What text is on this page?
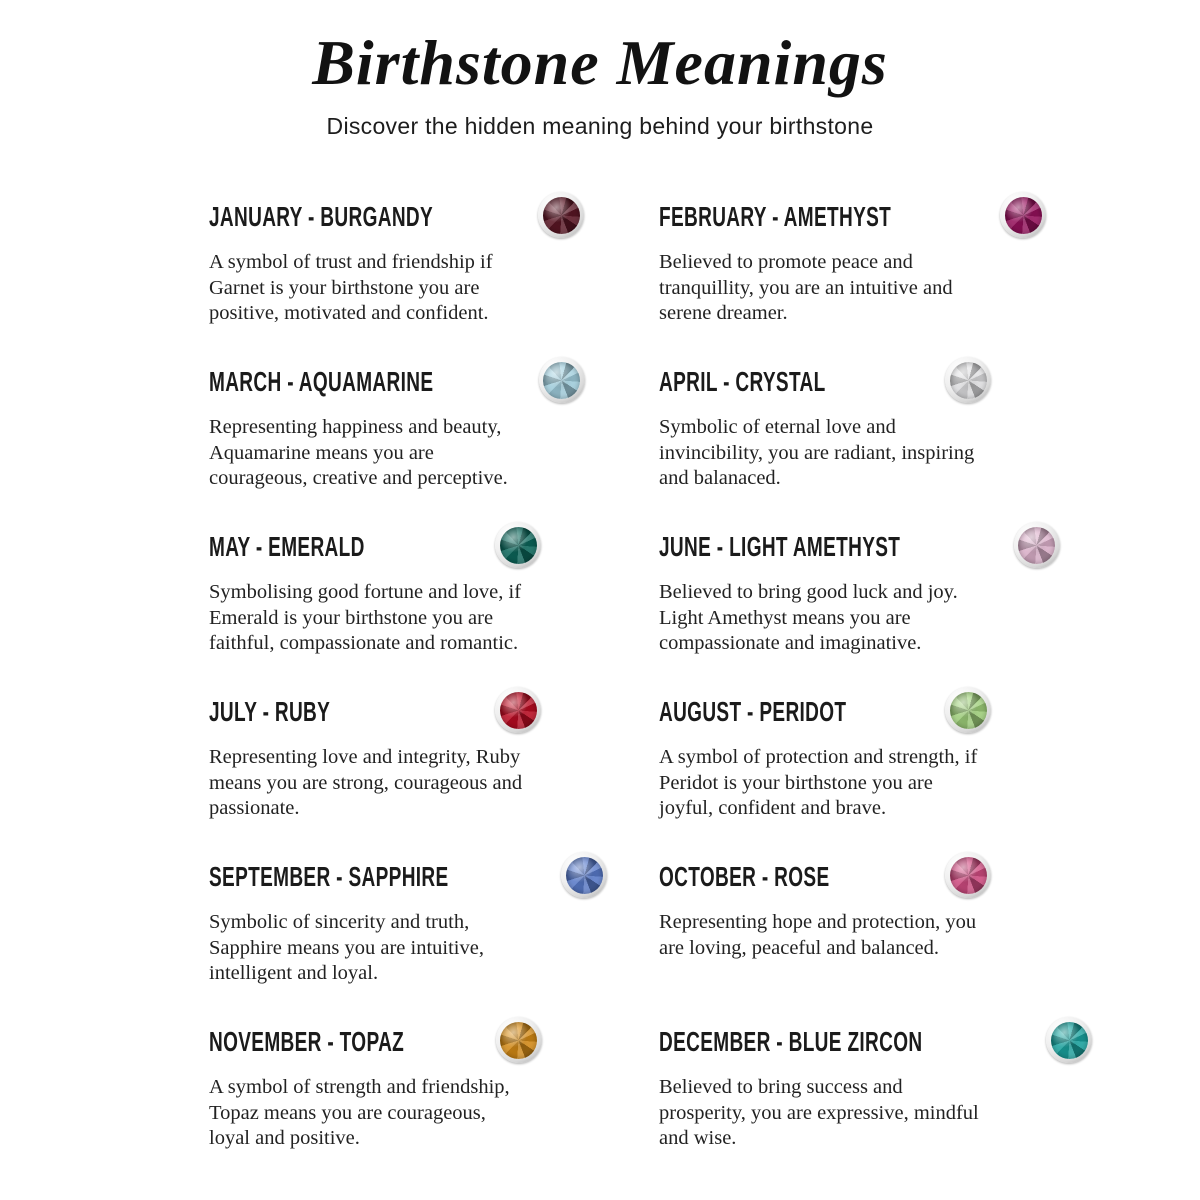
Birthstone Meanings
Discover the hidden meaning behind your birthstone
JANUARY - BURGANDY

A symbol of trust and friendship if Garnet is your birthstone you are positive, motivated and confident.

FEBRUARY - AMETHYST

Believed to promote peace and tranquillity, you are an intuitive and serene dreamer.

MARCH - AQUAMARINE

Representing happiness and beauty, Aquamarine means you are courageous, creative and perceptive.

APRIL - CRYSTAL

Symbolic of eternal love and invincibility, you are radiant, inspiring and balanaced.

MAY - EMERALD

Symbolising good fortune and love, if Emerald is your birthstone you are faithful, compassionate and romantic.

JUNE - LIGHT AMETHYST

Believed to bring good luck and joy. Light Amethyst means you are compassionate and imaginative.

JULY - RUBY

Representing love and integrity, Ruby means you are strong, courageous and passionate.

AUGUST - PERIDOT

A symbol of protection and strength, if Peridot is your birthstone you are joyful, confident and brave.

SEPTEMBER - SAPPHIRE

Symbolic of sincerity and truth, Sapphire means you are intuitive, intelligent and loyal.

OCTOBER - ROSE

Representing hope and protection, you are loving, peaceful and balanced.

NOVEMBER - TOPAZ

A symbol of strength and friendship, Topaz means you are courageous, loyal and positive.

DECEMBER - BLUE ZIRCON

Believed to bring success and prosperity, you are expressive, mindful and wise.
